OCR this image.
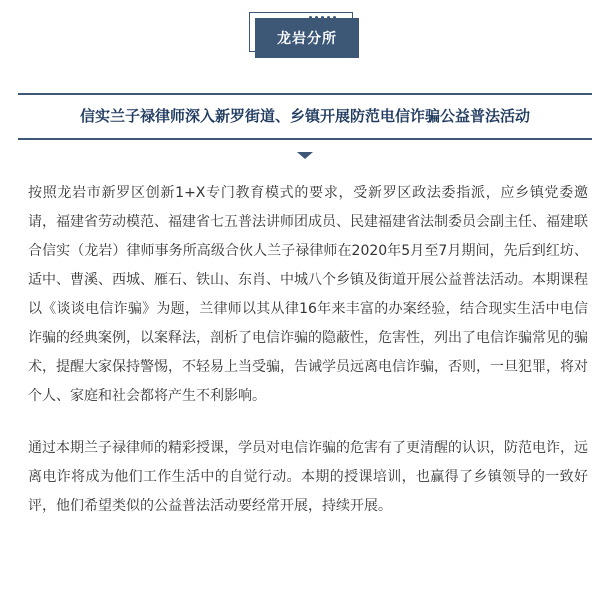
龙岩分所
信实兰子禄律师深入新罗街道、乡镇开展防范电信诈骗公益普法活动

按照龙岩市新罗区创新1+X专门教育模式的要求，受新罗区政法委指派，应乡镇党委邀请，福建省劳动模范、福建省七五普法讲师团成员、民建福建省法制委员会副主任、福建联合信实（龙岩）律师事务所高级合伙人兰子禄律师在2020年5月至7月期间，先后到红坊、适中、曹溪、西城、雁石、铁山、东肖、中城八个乡镇及街道开展公益普法活动。本期课程以《谈谈电信诈骗》为题，兰律师以其从律16年来丰富的办案经验，结合现实生活中电信诈骗的经典案例，以案释法，剖析了电信诈骗的隐蔽性，危害性，列出了电信诈骗常见的骗术，提醒大家保持警惕，不轻易上当受骗，告诫学员远离电信诈骗，否则，一旦犯罪，将对个人、家庭和社会都将产生不利影响。

通过本期兰子禄律师的精彩授课，学员对电信诈骗的危害有了更清醒的认识，防范电诈，远离电诈将成为他们工作生活中的自觉行动。本期的授课培训，也赢得了乡镇领导的一致好评，他们希望类似的公益普法活动要经常开展，持续开展。
